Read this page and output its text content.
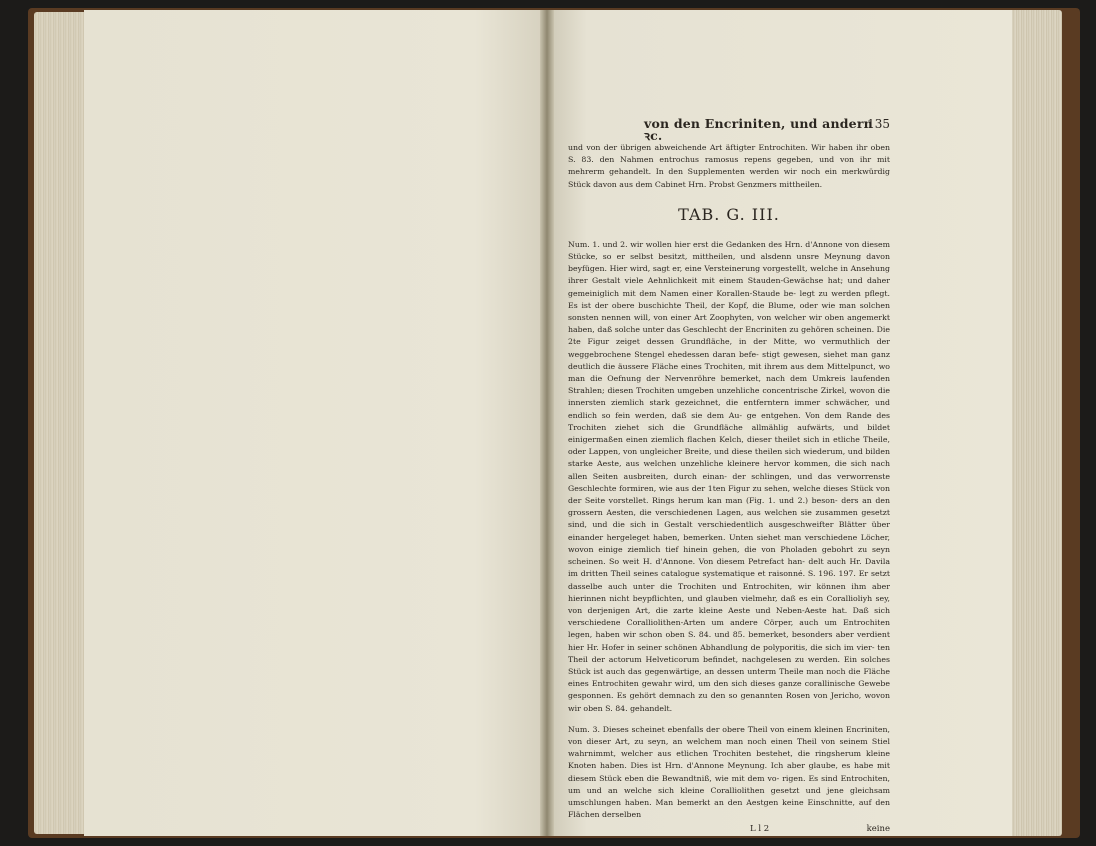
von den Encriniten, und andern ꝛc.
135

und von der übrigen abweichende Art äftigter Entrochiten. Wir haben ihr oben S. 83. den Nahmen entrochus ramosus repens gegeben, und von ihr mit mehrerm gehandelt. In den Supplementen werden wir noch ein merkwürdig Stück davon aus dem Cabinet Hrn. Probst Genzmers mittheilen.

TAB. G. III.

Num. 1. und 2. wir wollen hier erst die Gedanken des Hrn. d'Annone von diesem Stücke, so er selbst besitzt, mittheilen, und alsdenn unsre Meynung davon beyfügen. Hier wird, sagt er, eine Versteinerung vorgestellt, welche in Ansehung ihrer Gestalt viele Aehnlichkeit mit einem Stauden-Gewächse hat; und daher gemeiniglich mit dem Namen einer Korallen-Staude be- legt zu werden pflegt. Es ist der obere buschichte Theil, der Kopf, die Blume, oder wie man solchen sonsten nennen will, von einer Art Zoophyten, von welcher wir oben angemerkt haben, daß solche unter das Geschlecht der Encriniten zu gehören scheinen. Die 2te Figur zeiget dessen Grundfläche, in der Mitte, wo vermuthlich der weggebrochene Stengel ehedessen daran befe- stigt gewesen, siehet man ganz deutlich die äussere Fläche eines Trochiten, mit ihrem aus dem Mittelpunct, wo man die Oefnung der Nervenröhre bemerket, nach dem Umkreis laufenden Strahlen; diesen Trochiten umgeben unzehliche concentrische Zirkel, wovon die innersten ziemlich stark gezeichnet, die entferntern immer schwächer, und endlich so fein werden, daß sie dem Au- ge entgehen. Von dem Rande des Trochiten ziehet sich die Grundfläche allmählig aufwärts, und bildet einigermaßen einen ziemlich flachen Kelch, dieser theilet sich in etliche Theile, oder Lappen, von ungleicher Breite, und diese theilen sich wiederum, und bilden starke Aeste, aus welchen unzehliche kleinere hervor kommen, die sich nach allen Seiten ausbreiten, durch einan- der schlingen, und das verworrenste Geschlechte formiren, wie aus der 1ten Figur zu sehen, welche dieses Stück von der Seite vorstellet. Rings herum kan man (Fig. 1. und 2.) beson- ders an den grossern Aesten, die verschiedenen Lagen, aus welchen sie zusammen gesetzt sind, und die sich in Gestalt verschiedentlich ausgeschweifter Blätter über einander hergeleget haben, bemerken. Unten siehet man verschiedene Löcher, wovon einige ziemlich tief hinein gehen, die von Pholaden gebohrt zu seyn scheinen. So weit H. d'Annone. Von diesem Petrefact han- delt auch Hr. Davila im dritten Theil seines catalogue systematique et raisonné. S. 196. 197. Er setzt dasselbe auch unter die Trochiten und Entrochiten, wir können ihm aber hierinnen nicht beypflichten, und glauben vielmehr, daß es ein Corallioliyh sey, von derjenigen Art, die zarte kleine Aeste und Neben-Aeste hat. Daß sich verschiedene Coralliolithen-Arten um andere Cörper, auch um Entrochiten legen, haben wir schon oben S. 84. und 85. bemerket, besonders aber verdient hier Hr. Hofer in seiner schönen Abhandlung de polyporitis, die sich im vier- ten Theil der actorum Helveticorum befindet, nachgelesen zu werden. Ein solches Stück ist auch das gegenwärtige, an dessen unterm Theile man noch die Fläche eines Entrochiten gewahr wird, um den sich dieses ganze corallinische Gewebe gesponnen. Es gehört demnach zu den so genannten Rosen von Jericho, wovon wir oben S. 84. gehandelt.

Num. 3. Dieses scheinet ebenfalls der obere Theil von einem kleinen Encriniten, von dieser Art, zu seyn, an welchem man noch einen Theil von seinem Stiel wahrnimmt, welcher aus etlichen Trochiten bestehet, die ringsherum kleine Knoten haben. Dies ist Hrn. d'Annone Meynung. Ich aber glaube, es habe mit diesem Stück eben die Bewandtniß, wie mit dem vo- rigen. Es sind Entrochiten, um und an welche sich kleine Coralliolithen gesetzt und jene gleichsam umschlungen haben. Man bemerkt an den Aestgen keine Einschnitte, auf den Flächen derselben

L l 2	keine
